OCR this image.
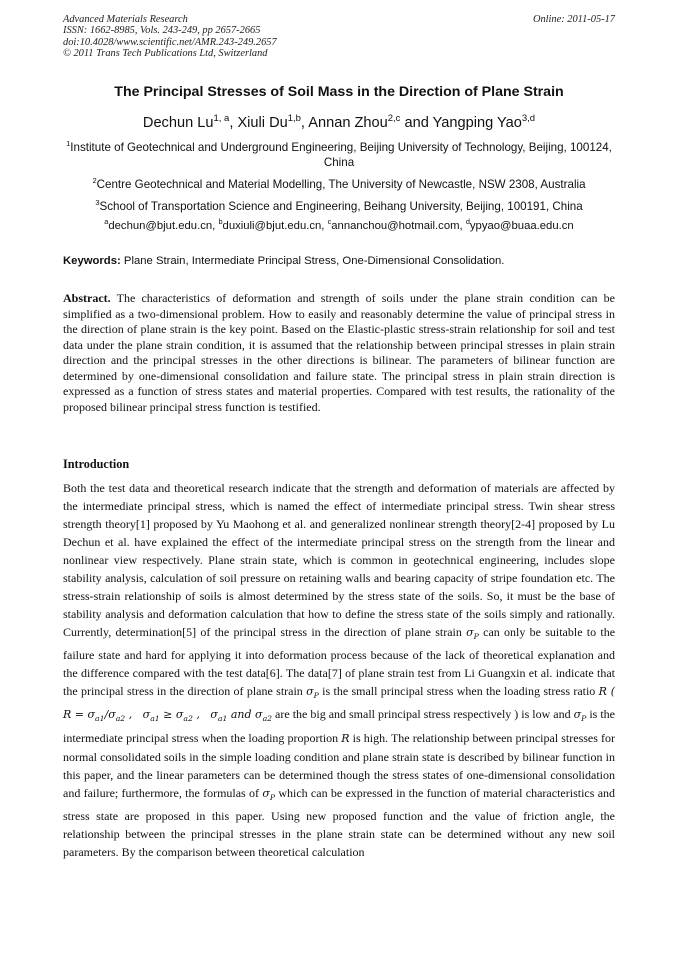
Advanced Materials Research
ISSN: 1662-8985, Vols. 243-249, pp 2657-2665
doi:10.4028/www.scientific.net/AMR.243-249.2657
© 2011 Trans Tech Publications Ltd, Switzerland
Online: 2011-05-17
The Principal Stresses of Soil Mass in the Direction of Plane Strain
Dechun Lu$^{1, a}$, Xiuli Du$^{1,b}$, Annan Zhou$^{2,c}$ and Yangping Yao$^{3,d}$
$^1$Institute of Geotechnical and Underground Engineering, Beijing University of Technology, Beijing, 100124, China
$^2$Centre Geotechnical and Material Modelling, The University of Newcastle, NSW 2308, Australia
$^3$School of Transportation Science and Engineering, Beihang University, Beijing, 100191, China
$^a$dechun@bjut.edu.cn, $^b$duxiuli@bjut.edu.cn, $^c$annanchou@hotmail.com, $^d$ypyao@buaa.edu.cn
Keywords: Plane Strain, Intermediate Principal Stress, One-Dimensional Consolidation.
Abstract. The characteristics of deformation and strength of soils under the plane strain condition can be simplified as a two-dimensional problem. How to easily and reasonably determine the value of principal stress in the direction of plane strain is the key point. Based on the Elastic-plastic stress-strain relationship for soil and test data under the plane strain condition, it is assumed that the relationship between principal stresses in plain strain direction and the principal stresses in the other directions is bilinear. The parameters of bilinear function are determined by one-dimensional consolidation and failure state. The principal stress in plain strain direction is expressed as a function of stress states and material properties. Compared with test results, the rationality of the proposed bilinear principal stress function is testified.
Introduction
Both the test data and theoretical research indicate that the strength and deformation of materials are affected by the intermediate principal stress, which is named the effect of intermediate principal stress. Twin shear stress strength theory[1] proposed by Yu Maohong et al. and generalized nonlinear strength theory[2-4] proposed by Lu Dechun et al. have explained the effect of the intermediate principal stress on the strength from the linear and nonlinear view respectively. Plane strain state, which is common in geotechnical engineering, includes slope stability analysis, calculation of soil pressure on retaining walls and bearing capacity of stripe foundation etc. The stress-strain relationship of soils is almost determined by the stress state of the soils. So, it must be the base of stability analysis and deformation calculation that how to define the stress state of the soils simply and rationally. Currently, determination[5] of the principal stress in the direction of plane strain $\sigma_P$ can only be suitable to the failure state and hard for applying it into deformation process because of the lack of theoretical explanation and the difference compared with the test data[6]. The data[7] of plane strain test from Li Guangxin et al. indicate that the principal stress in the direction of plane strain $\sigma_P$ is the small principal stress when the loading stress ratio R ( $R = \sigma_{a1}/\sigma_{a2}$ ,   $\sigma_{a1} \ge \sigma_{a2}$ ,   $\sigma_{a1}$ and $\sigma_{a2}$ are the big and small principal stress respectively ) is low and $\sigma_P$ is the intermediate principal stress when the loading proportion R is high. The relationship between principal stresses for normal consolidated soils in the simple loading condition and plane strain state is described by bilinear function in this paper, and the linear parameters can be determined though the stress states of one-dimensional consolidation and failure; furthermore, the formulas of $\sigma_P$ which can be expressed in the function of material characteristics and stress state are proposed in this paper. Using new proposed function and the value of friction angle, the relationship between the principal stresses in the plane strain state can be determined without any new soil parameters. By the comparison between theoretical calculation
